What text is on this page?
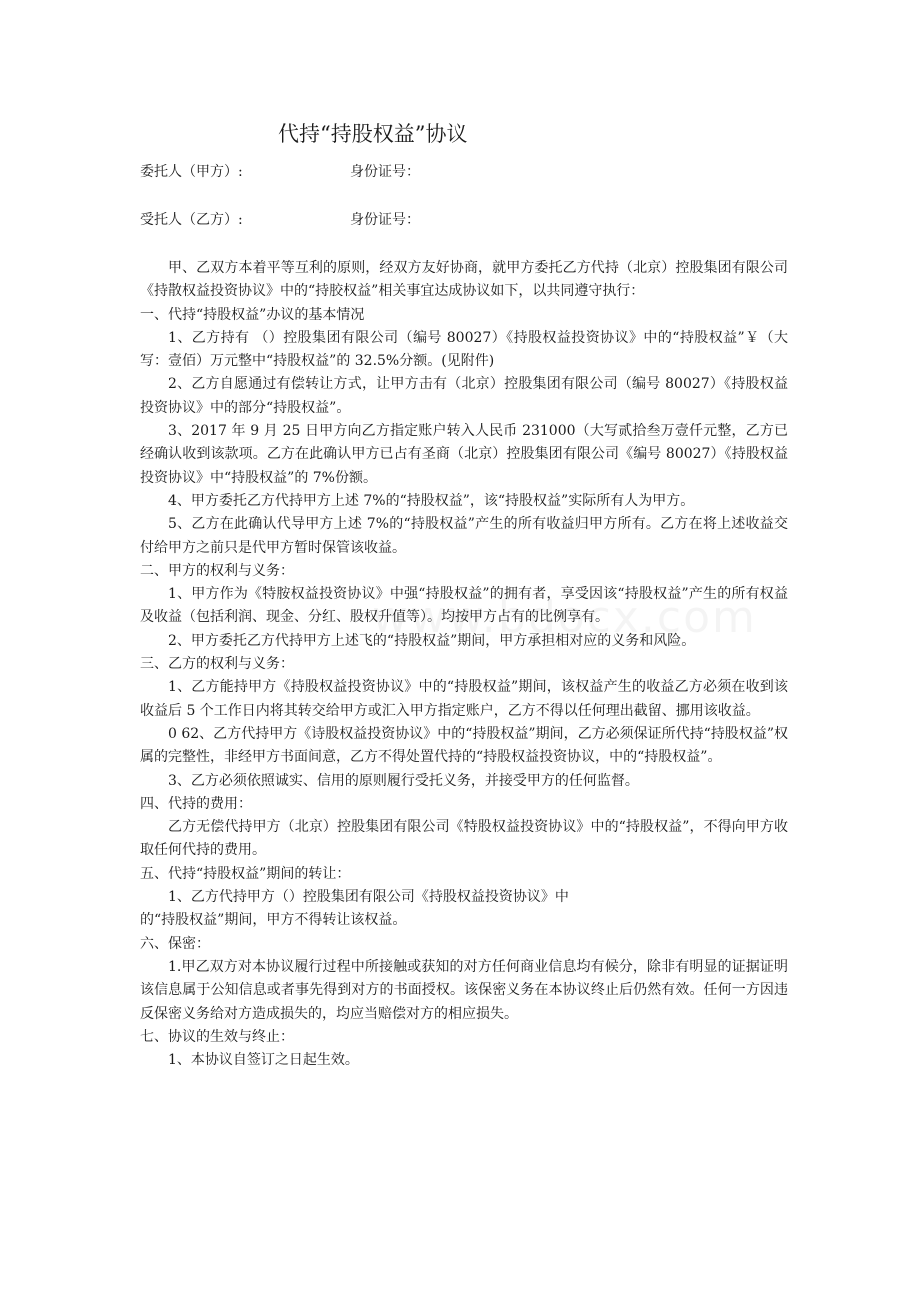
代持“持股权益”协议
委托人（甲方）:	身份证号：
受托人（乙方）:	身份证号：

甲、乙双方本着平等互利的原则，经双方友好协商，就甲方委托乙方代持（北京）控股集团有限公司《持散权益投资协议》中的“持胶权益”相关事宜达成协议如下，以共同遵守执行：

一、代持“持股权益”办议的基本情况

1、乙方持有 （）控股集团有限公司（编号 80027）《持股权益投资协议》中的“持股权益”￥（大写：壹佰）万元整中“持股权益”的 32.5%分额。(见附件)

2、乙方自愿通过有偿转让方式，让甲方击有（北京）控股集团有限公司（编号 80027）《持股权益投资协议》中的部分“持股权益”。

3、2017 年 9 月 25 日甲方向乙方指定账户转入人民币 231000（大写贰拾叁万壹仟元整，乙方已经确认收到该款项。乙方在此确认甲方已占有圣商（北京）控股集团有限公司《编号 80027）《持股权益投资协议》中“持股权益”的 7%份额。

4、甲方委托乙方代持甲方上述 7%的“持股权益”，该“持股权益”实际所有人为甲方。

5、乙方在此确认代导甲方上述 7%的“持股权益”产生的所有收益归甲方所有。乙方在将上述收益交付给甲方之前只是代甲方暂时保管该收益。

二、甲方的权利与义务：

1、甲方作为《特胺权益投资协议》中强“持股权益”的拥有者，享受因该“持股权益”产生的所有权益及收益（包括利润、现金、分红、股权升值等）。均按甲方占有的比例享有。

2、甲方委托乙方代持甲方上述飞的“持股权益”期间，甲方承担相对应的义务和风险。

三、乙方的权利与义务：

1、乙方能持甲方《持股权益投资协议》中的“持股权益”期间，该权益产生的收益乙方必须在收到该收益后 5 个工作日内将其转交给甲方或汇入甲方指定账户，乙方不得以任何理出截留、挪用该收益。

0 62、乙方代持甲方《诗股权益投资协议》中的“持股权益”期间，乙方必须保证所代持“持股权益”权属的完整性，非经甲方书面间意，乙方不得处置代持的“持股权益投资协议，中的“持股权益”。

3、乙方必须依照诚实、信用的原则履行受托义务，并接受甲方的任何监督。

四、代持的费用：

乙方无偿代持甲方（北京）控股集团有限公司《特股权益投资协议》中的“持股权益”，不得向甲方收取任何代持的费用。

五、代持“持股权益”期间的转让：

1、乙方代持甲方（）控股集团有限公司《持股权益投资协议》中

的“持股权益”期间，甲方不得转让该权益。

六、保密：

1.甲乙双方对本协议履行过程中所接触或获知的对方任何商业信息均有候分，除非有明显的证据证明该信息属于公知信息或者事先得到对方的书面授权。该保密义务在本协议终止后仍然有效。任何一方因违反保密义务给对方造成损失的，均应当赔偿对方的相应损失。

七、协议的生效与终止：

1、本协议自签订之日起生效。
